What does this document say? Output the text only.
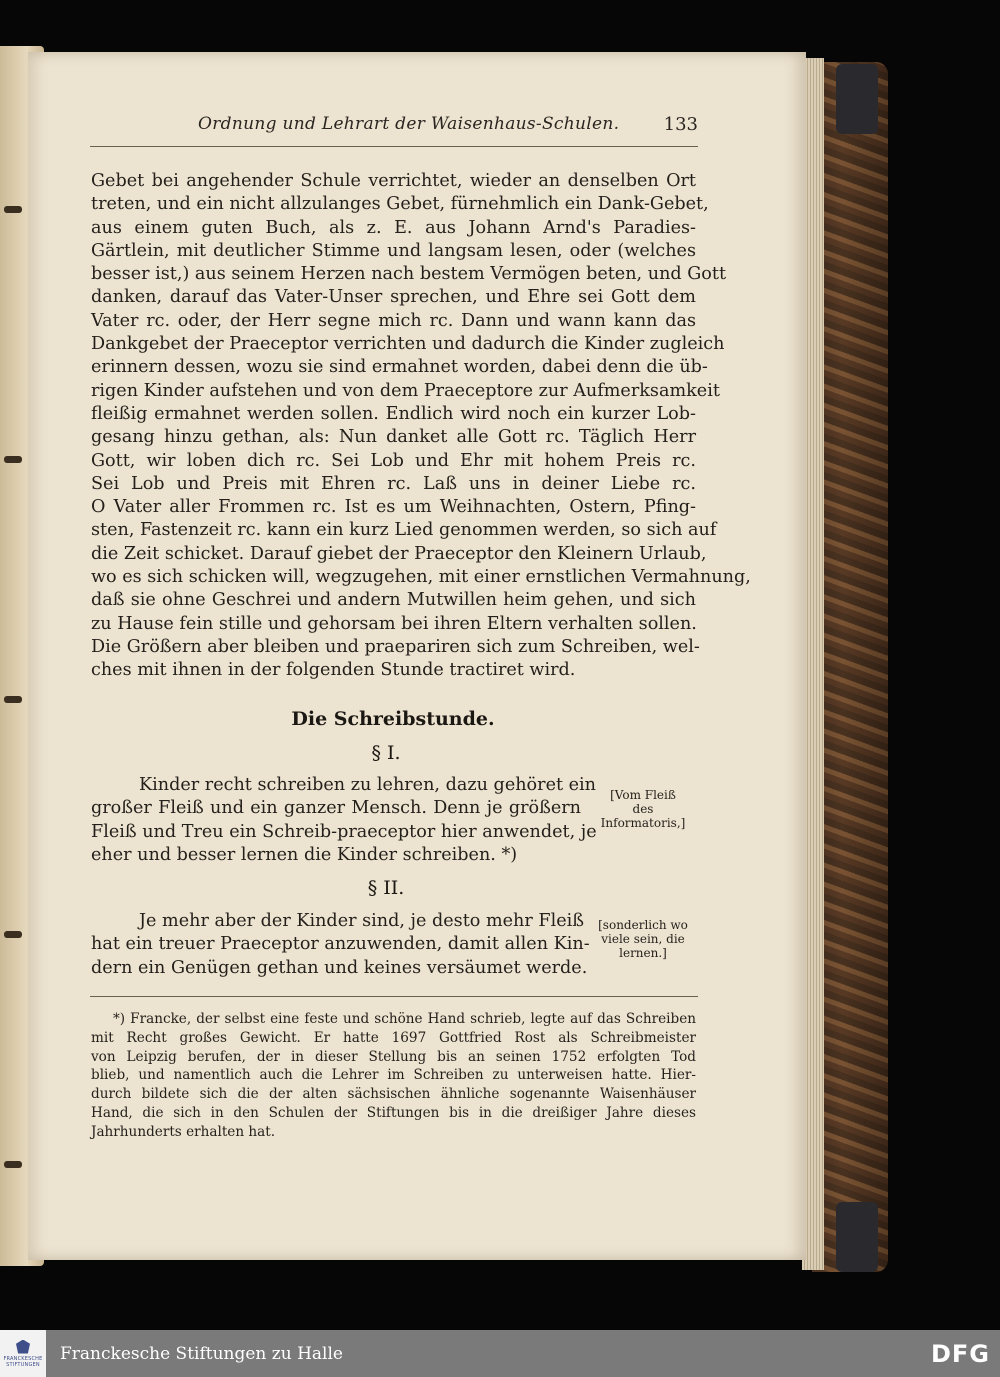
Ordnung und Lehrart der Waisenhaus-Schulen. 133
Gebet bei angehender Schule verrichtet, wieder an denselben Ort
treten, und ein nicht allzulanges Gebet, fürnehmlich ein Dank-Gebet,
aus einem guten Buch, als z. E. aus Johann Arnd's Paradies-
Gärtlein, mit deutlicher Stimme und langsam lesen, oder (welches
besser ist,) aus seinem Herzen nach bestem Vermögen beten, und Gott
danken, darauf das Vater-Unser sprechen, und Ehre sei Gott dem
Vater rc. oder, der Herr segne mich rc. Dann und wann kann das
Dankgebet der Praeceptor verrichten und dadurch die Kinder zugleich
erinnern dessen, wozu sie sind ermahnet worden, dabei denn die üb-
rigen Kinder aufstehen und von dem Praeceptore zur Aufmerksamkeit
fleißig ermahnet werden sollen. Endlich wird noch ein kurzer Lob-
gesang hinzu gethan, als: Nun danket alle Gott rc. Täglich Herr
Gott, wir loben dich rc. Sei Lob und Ehr mit hohem Preis rc.
Sei Lob und Preis mit Ehren rc. Laß uns in deiner Liebe rc.
O Vater aller Frommen rc. Ist es um Weihnachten, Ostern, Pfing-
sten, Fastenzeit rc. kann ein kurz Lied genommen werden, so sich auf
die Zeit schicket. Darauf giebet der Praeceptor den Kleinern Urlaub,
wo es sich schicken will, wegzugehen, mit einer ernstlichen Vermahnung,
daß sie ohne Geschrei und andern Mutwillen heim gehen, und sich
zu Hause fein stille und gehorsam bei ihren Eltern verhalten sollen.
Die Größern aber bleiben und praepariren sich zum Schreiben, wel-
ches mit ihnen in der folgenden Stunde tractiret wird.
Die Schreibstunde.
§ I.
Kinder recht schreiben zu lehren, dazu gehöret ein
großer Fleiß und ein ganzer Mensch. Denn je größern
Fleiß und Treu ein Schreib-praeceptor hier anwendet, je
eher und besser lernen die Kinder schreiben. *)
[Vom Fleiß
des
Informatoris,]
§ II.
Je mehr aber der Kinder sind, je desto mehr Fleiß
hat ein treuer Praeceptor anzuwenden, damit allen Kin-
dern ein Genügen gethan und keines versäumet werde.
[sonderlich wo
viele sein, die
lernen.]
*) Francke, der selbst eine feste und schöne Hand schrieb, legte auf das Schreiben
mit Recht großes Gewicht. Er hatte 1697 Gottfried Rost als Schreibmeister
von Leipzig berufen, der in dieser Stellung bis an seinen 1752 erfolgten Tod
blieb, und namentlich auch die Lehrer im Schreiben zu unterweisen hatte. Hier-
durch bildete sich die der alten sächsischen ähnliche sogenannte Waisenhäuser
Hand, die sich in den Schulen der Stiftungen bis in die dreißiger Jahre dieses
Jahrhunderts erhalten hat.
FRANCKESCHE
STIFTUNGEN
Franckesche Stiftungen zu Halle	DFG
